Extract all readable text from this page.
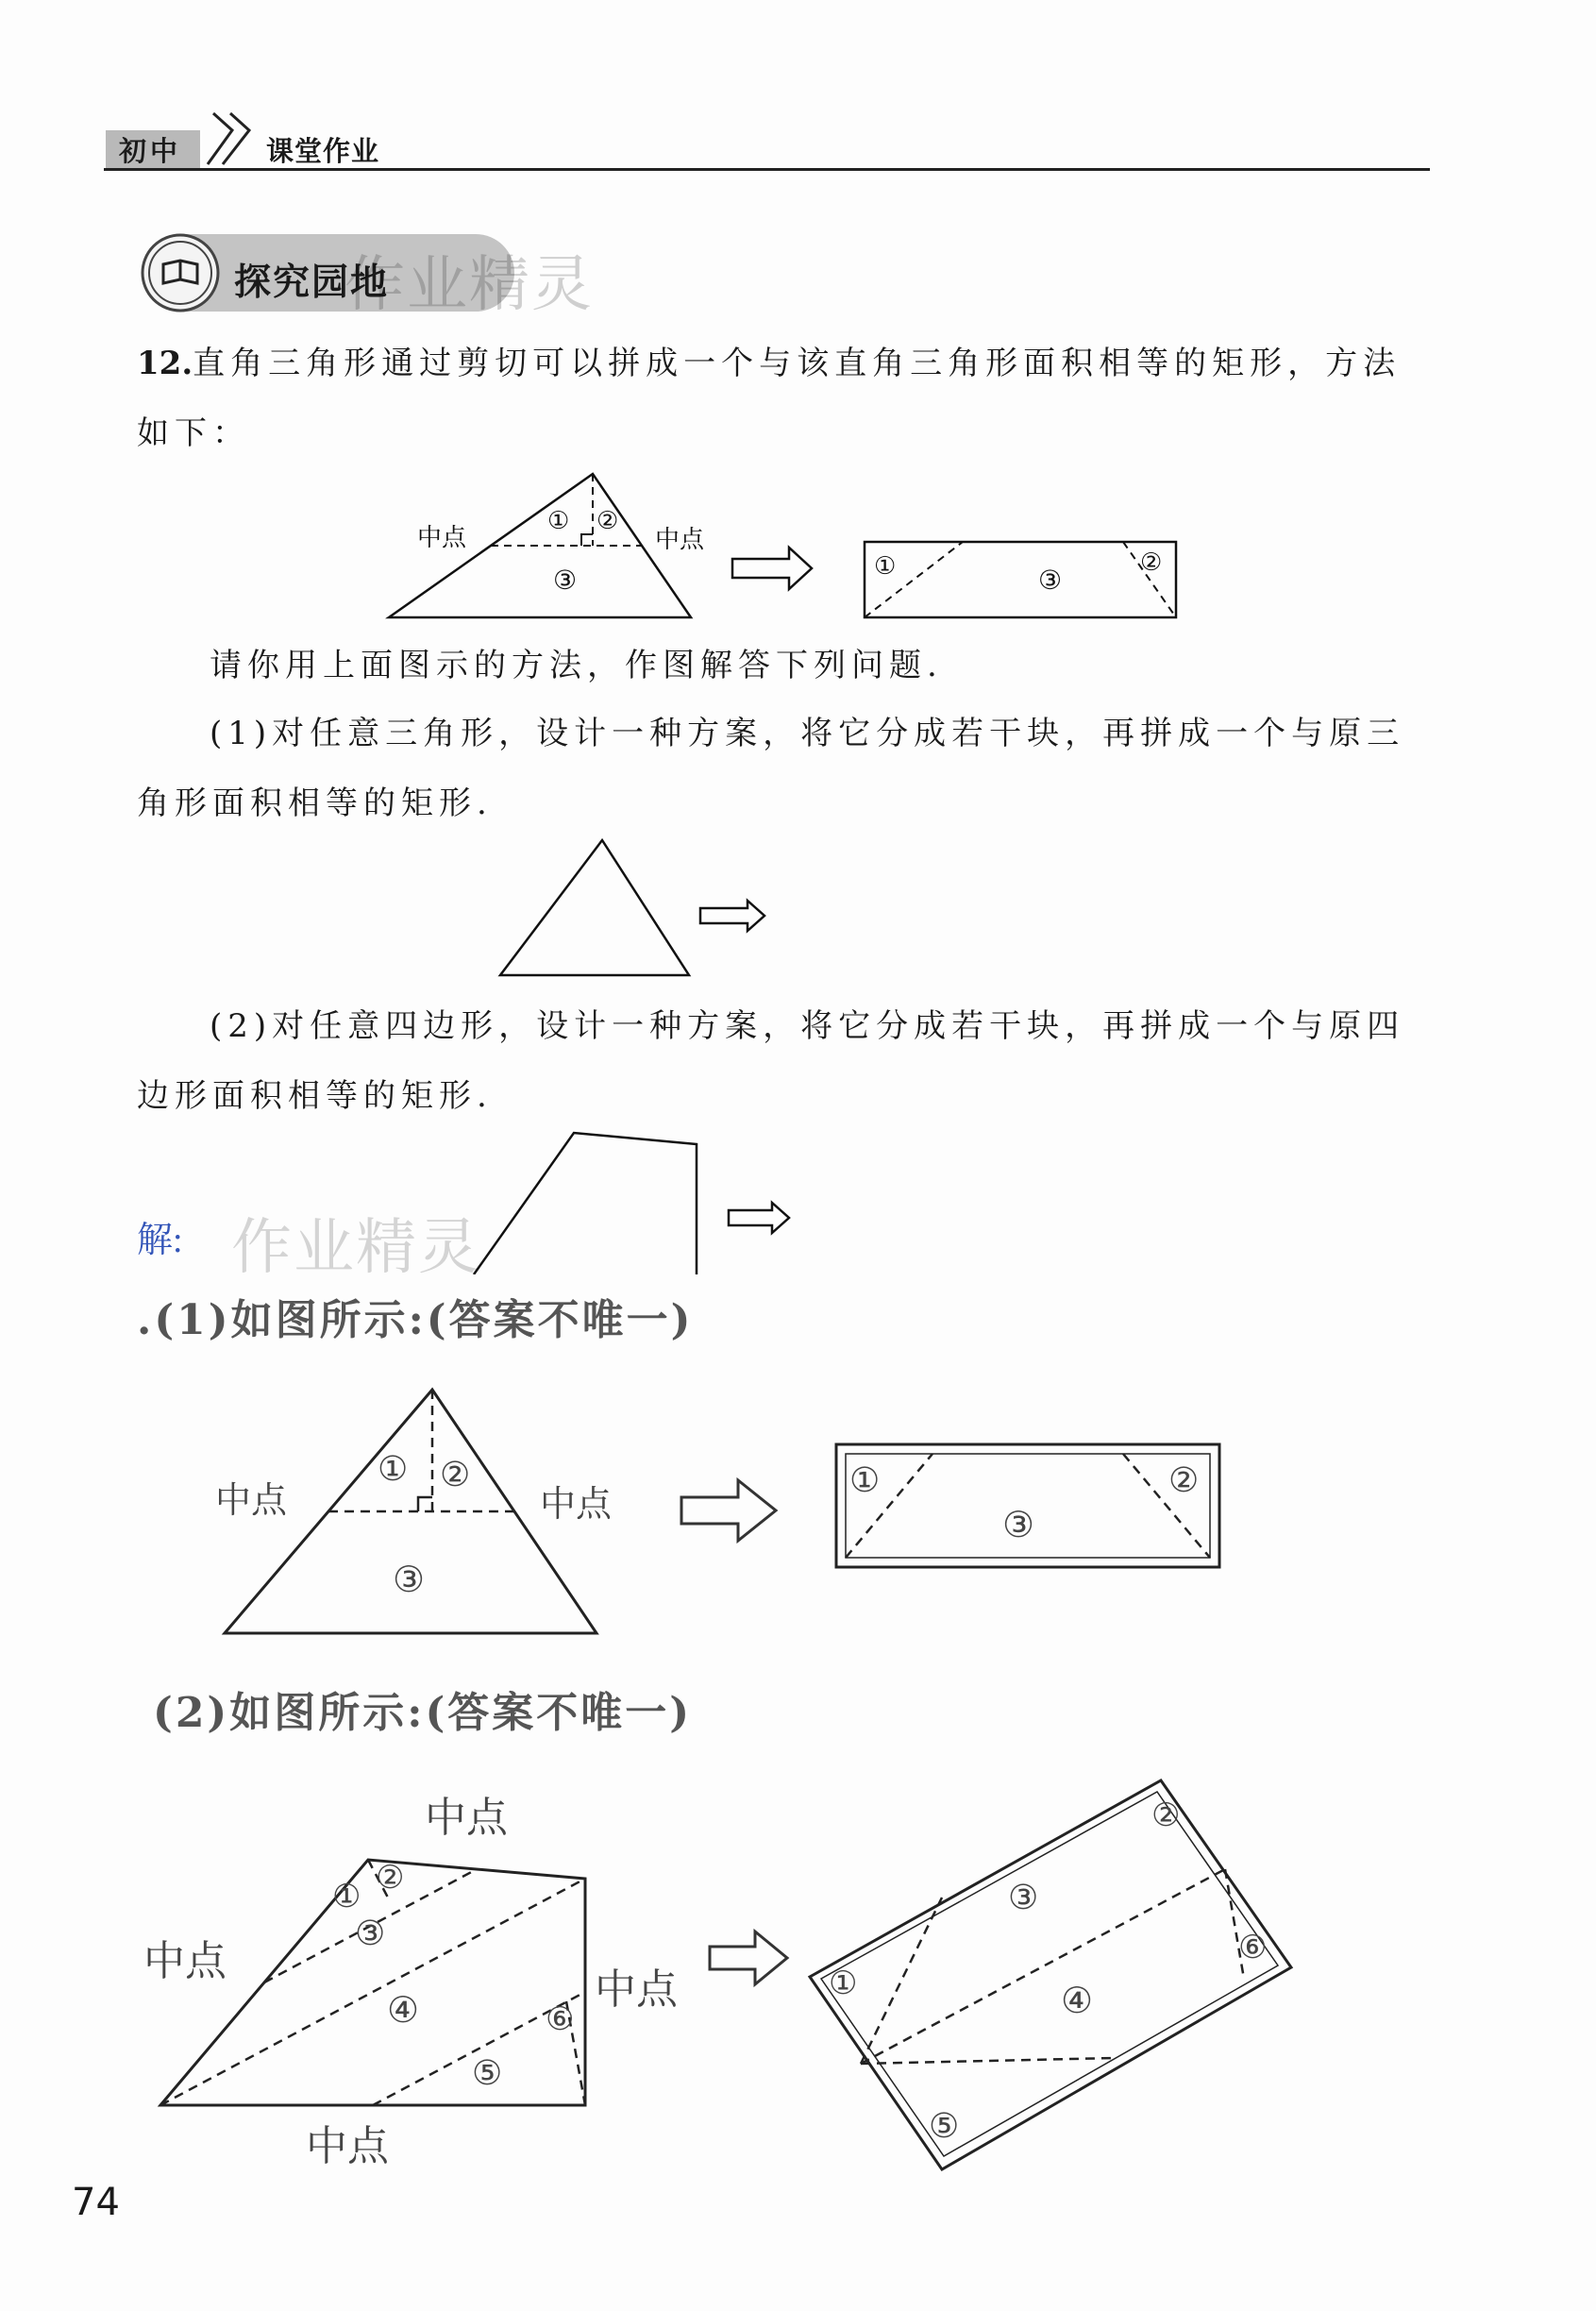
初中	课堂作业
探究园地
作业精灵
12.直角三角形通过剪切可以拼成一个与该直角三角形面积相等的矩形，方法如下：
中点	中点
① ②
③	①	③
②
请你用上面图示的方法，作图解答下列问题.
(1)对任意三角形，设计一种方案，将它分成若干块，再拼成一个与原三角形面积相等的矩形.
(2)对任意四边形，设计一种方案，将它分成若干块，再拼成一个与原四边形面积相等的矩形.
解: 作业精灵
.(1)如图所示:(答案不唯一)
中点	中点
① ②
③
①
③
②
(2)如图所示:(答案不唯一)
中点
中点
中点
中点
① ②
③
④
⑤
⑥
①
②
③
④
⑤
⑥
74
